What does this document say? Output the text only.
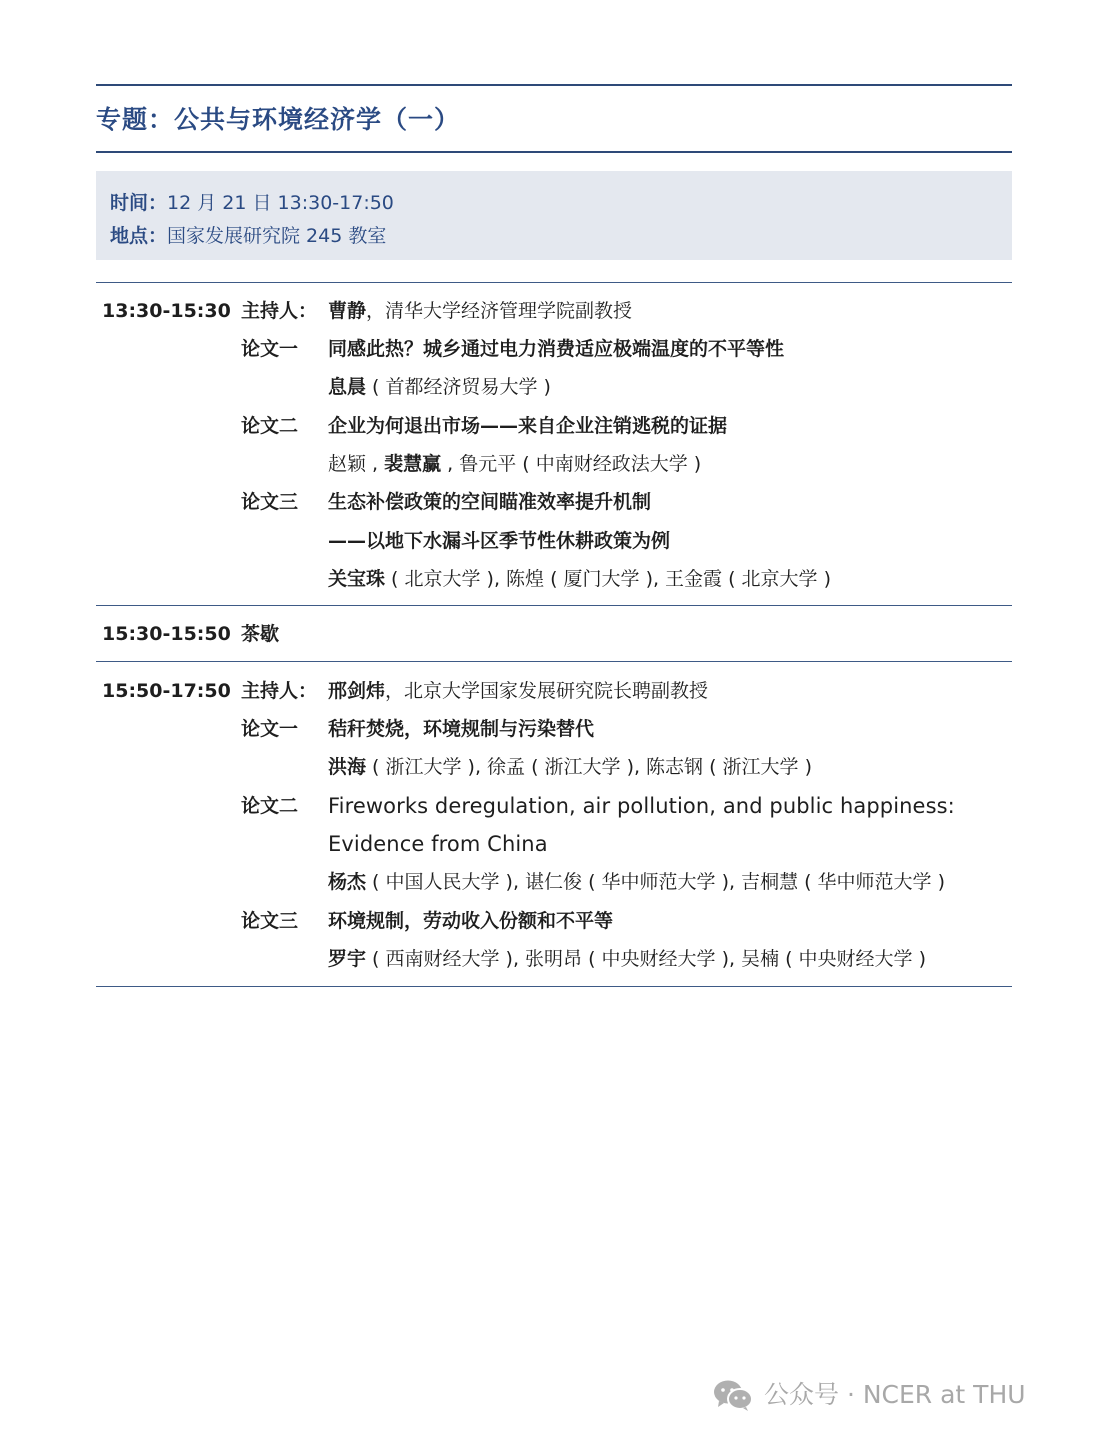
专题：公共与环境经济学（一）
时间：12 月 21 日 13:30-17:50
地点：国家发展研究院 245 教室
13:30-15:30 主持人： 曹静，清华大学经济管理学院副教授
论文一 同感此热？城乡通过电力消费适应极端温度的不平等性
息晨 ( 首都经济贸易大学 )
论文二 企业为何退出市场——来自企业注销逃税的证据
赵颖 , 裴慧赢 , 鲁元平 ( 中南财经政法大学 )
论文三 生态补偿政策的空间瞄准效率提升机制
——以地下水漏斗区季节性休耕政策为例
关宝珠 ( 北京大学 ), 陈煌 ( 厦门大学 ), 王金霞 ( 北京大学 )
15:30-15:50 茶歇
15:50-17:50 主持人： 邢剑炜，北京大学国家发展研究院长聘副教授
论文一 秸秆焚烧，环境规制与污染替代
洪海 ( 浙江大学 ), 徐孟 ( 浙江大学 ), 陈志钢 ( 浙江大学 )
论文二 Fireworks deregulation, air pollution, and public happiness:
Evidence from China
杨杰 ( 中国人民大学 ), 谌仁俊 ( 华中师范大学 ), 吉桐慧 ( 华中师范大学 )
论文三 环境规制，劳动收入份额和不平等
罗宇 ( 西南财经大学 ), 张明昂 ( 中央财经大学 ), 吴楠 ( 中央财经大学 )
公众号 · NCER at THU
